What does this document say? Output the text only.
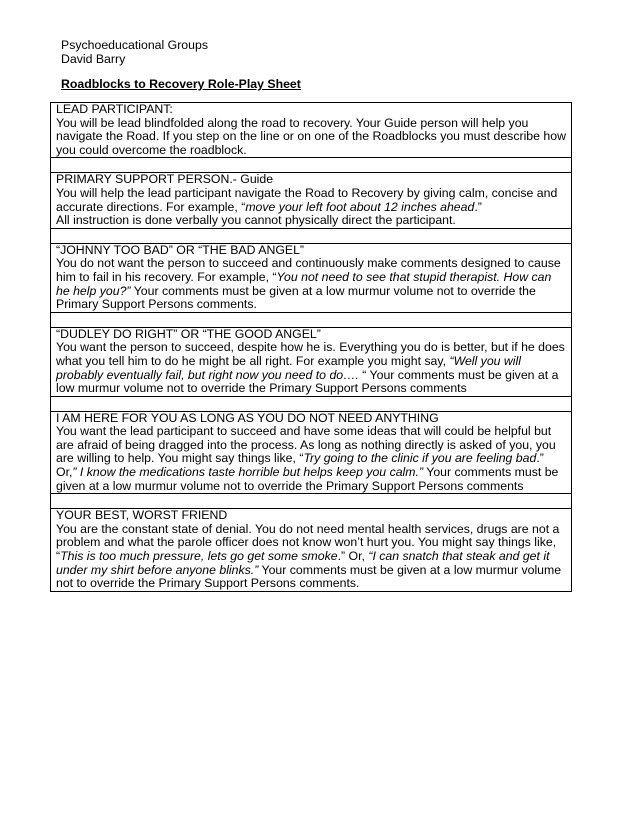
Psychoeducational Groups
David Barry
Roadblocks to Recovery Role-Play Sheet
LEAD PARTICIPANT:
You will be lead blindfolded along the road to recovery. Your Guide person will help you navigate the Road. If you step on the line or on one of the Roadblocks you must describe how you could overcome the roadblock.

PRIMARY SUPPORT PERSON.- Guide
You will help the lead participant navigate the Road to Recovery by giving calm, concise and accurate directions. For example, “move your left foot about 12 inches ahead.”
All instruction is done verbally you cannot physically direct the participant.

“JOHNNY TOO BAD” OR “THE BAD ANGEL”
You do not want the person to succeed and continuously make comments designed to cause him to fail in his recovery. For example, “You not need to see that stupid therapist. How can he help you?” Your comments must be given at a low murmur volume not to override the Primary Support Persons comments.

“DUDLEY DO RIGHT” OR “THE GOOD ANGEL”
You want the person to succeed, despite how he is. Everything you do is better, but if he does what you tell him to do he might be all right. For example you might say, “Well you will probably eventually fail, but right now you need to do…. “ Your comments must be given at a low murmur volume not to override the Primary Support Persons comments

I AM HERE FOR YOU AS LONG AS YOU DO NOT NEED ANYTHING
You want the lead participant to succeed and have some ideas that will could be helpful but are afraid of being dragged into the process. As long as nothing directly is asked of you, you are willing to help. You might say things like, “Try going to the clinic if you are feeling bad.” Or,” I know the medications taste horrible but helps keep you calm.” Your comments must be given at a low murmur volume not to override the Primary Support Persons comments

YOUR BEST, WORST FRIEND
You are the constant state of denial. You do not need mental health services, drugs are not a problem and what the parole officer does not know won’t hurt you. You might say things like, “This is too much pressure, lets go get some smoke.” Or, “I can snatch that steak and get it under my shirt before anyone blinks.” Your comments must be given at a low murmur volume not to override the Primary Support Persons comments.
